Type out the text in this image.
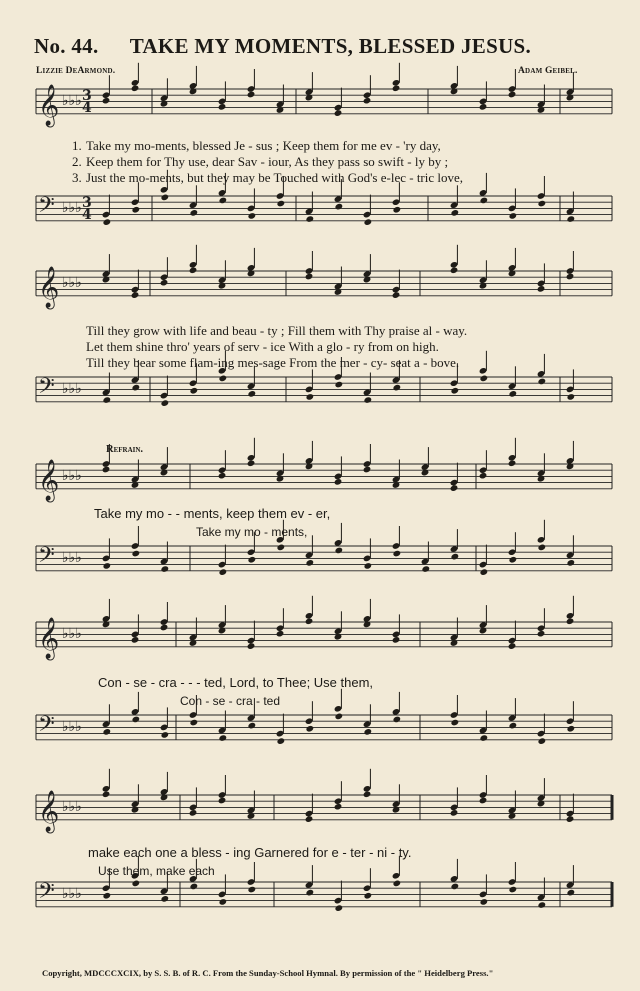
No. 44. TAKE MY MOMENTS, BLESSED JESUS.
Lizzie DeArmond.	Adam Geibel.
𝄞 ♭♭♭
𝄢 ♭♭♭
𝄞 ♭♭♭
𝄢 ♭♭♭
𝄞 ♭♭♭
𝄢 ♭♭♭
𝄞 ♭♭♭
𝄢 ♭♭♭
𝄞 ♭♭♭
𝄢 ♭♭♭
3
4
3
4
1. Take my mo-ments, blessed Je - sus ; Keep them for me ev - 'ry day,
2. Keep them for Thy use, dear Sav - iour, As they pass so swift - ly by ;
3. Just the mo-ments, but they may be Touched with God's e-lec - tric love,
Till they grow with life and beau - ty ; Fill them with Thy praise al - way.
Let them shine thro' years of serv - ice With a glo - ry from on high.
Till they bear some flam-ing mes-sage From the mer - cy- seat a - bove.
Refrain.
Take my mo - - ments, keep them ev - er,
Take my mo - ments,
Con - se - cra - - - ted, Lord, to Thee; Use them,
Con - se - cra - ted
make each one a bless - ing Garnered for e - ter - ni - ty.
Use them, make each
Copyright, MDCCCXCIX, by S. S. B. of R. C. From the Sunday-School Hymnal. By permission of the " Heidelberg Press."
